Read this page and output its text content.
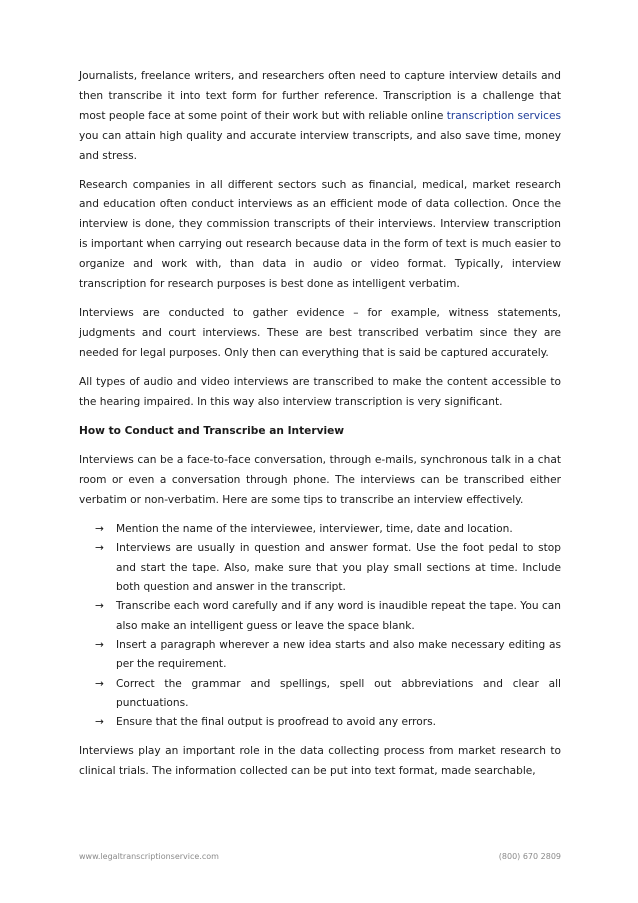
Journalists, freelance writers, and researchers often need to capture interview details and then transcribe it into text form for further reference. Transcription is a challenge that most people face at some point of their work but with reliable online transcription services you can attain high quality and accurate interview transcripts, and also save time, money and stress.

Research companies in all different sectors such as financial, medical, market research and education often conduct interviews as an efficient mode of data collection. Once the interview is done, they commission transcripts of their interviews. Interview transcription is important when carrying out research because data in the form of text is much easier to organize and work with, than data in audio or video format. Typically, interview transcription for research purposes is best done as intelligent verbatim.

Interviews are conducted to gather evidence – for example, witness statements, judgments and court interviews. These are best transcribed verbatim since they are needed for legal purposes. Only then can everything that is said be captured accurately.

All types of audio and video interviews are transcribed to make the content accessible to the hearing impaired. In this way also interview transcription is very significant.

How to Conduct and Transcribe an Interview

Interviews can be a face-to-face conversation, through e-mails, synchronous talk in a chat room or even a conversation through phone. The interviews can be transcribed either verbatim or non-verbatim. Here are some tips to transcribe an interview effectively.

→ Mention the name of the interviewee, interviewer, time, date and location.
→ Interviews are usually in question and answer format. Use the foot pedal to stop and start the tape. Also, make sure that you play small sections at time. Include both question and answer in the transcript.
→ Transcribe each word carefully and if any word is inaudible repeat the tape. You can also make an intelligent guess or leave the space blank.
→ Insert a paragraph wherever a new idea starts and also make necessary editing as per the requirement.
→ Correct the grammar and spellings, spell out abbreviations and clear all punctuations.
→ Ensure that the final output is proofread to avoid any errors.

Interviews play an important role in the data collecting process from market research to clinical trials. The information collected can be put into text format, made searchable,

www.legaltranscriptionservice.com	(800) 670 2809
